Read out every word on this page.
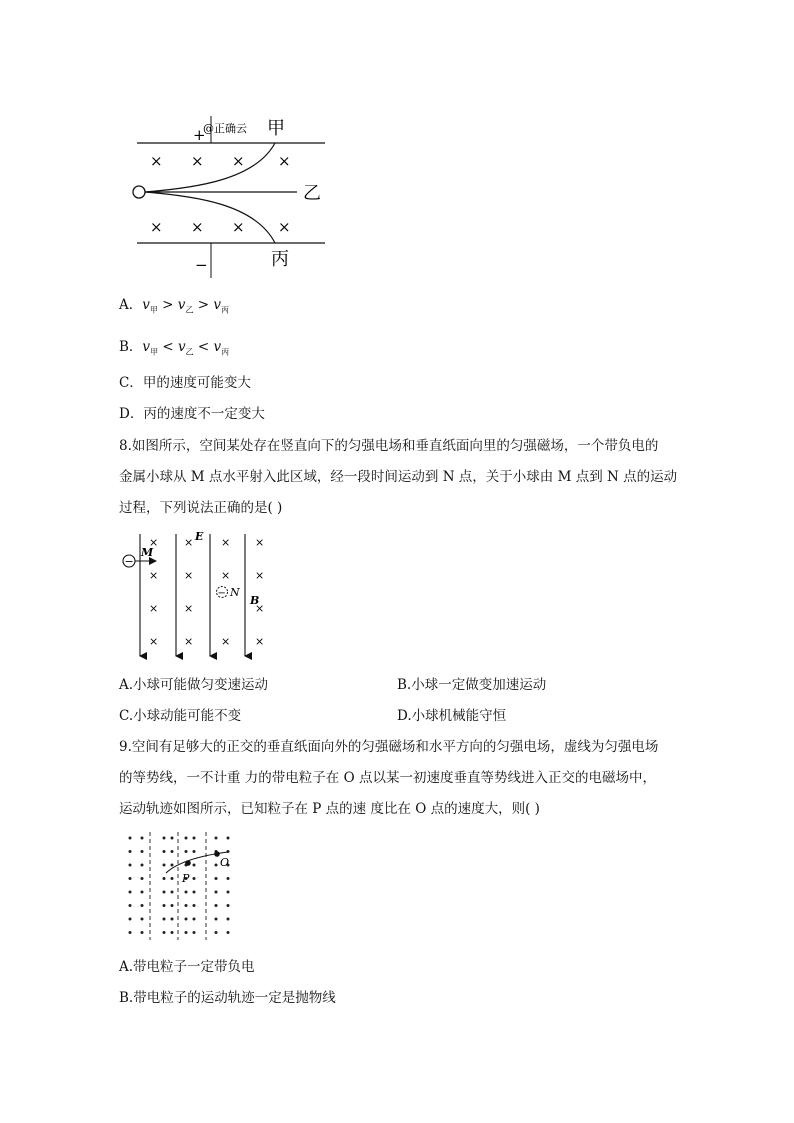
+
−
@正确云
× × × ×
× × × ×
甲
乙
丙
A．$v_甲 > v_乙 > v_丙$
B．$v_甲 < v_乙 < v_丙$
C．甲的速度可能变大
D．丙的速度不一定变大
8.如图所示，空间某处存在竖直向下的匀强电场和垂直纸面向里的匀强磁场，一个带负电的
金属小球从 M 点水平射入此区域，经一段时间运动到 N 点，关于小球由 M 点到 N 点的运动
过程，下列说法正确的是( )
× ×	× ×
× ×	× ×
× ×	×
× ×	× ×
E
B
−
M
− N
A.小球可能做匀变速运动	B.小球一定做变加速运动
C.小球动能可能不变	D.小球机械能守恒
9.空间有足够大的正交的垂直纸面向外的匀强磁场和水平方向的匀强电场，虚线为匀强电场
的等势线，一不计重 力的带电粒子在 O 点以某一初速度垂直等势线进入正交的电磁场中，
运动轨迹如图所示，已知粒子在 P 点的速 度比在 O 点的速度大，则( )
O
P
A.带电粒子一定带负电
B.带电粒子的运动轨迹一定是抛物线
